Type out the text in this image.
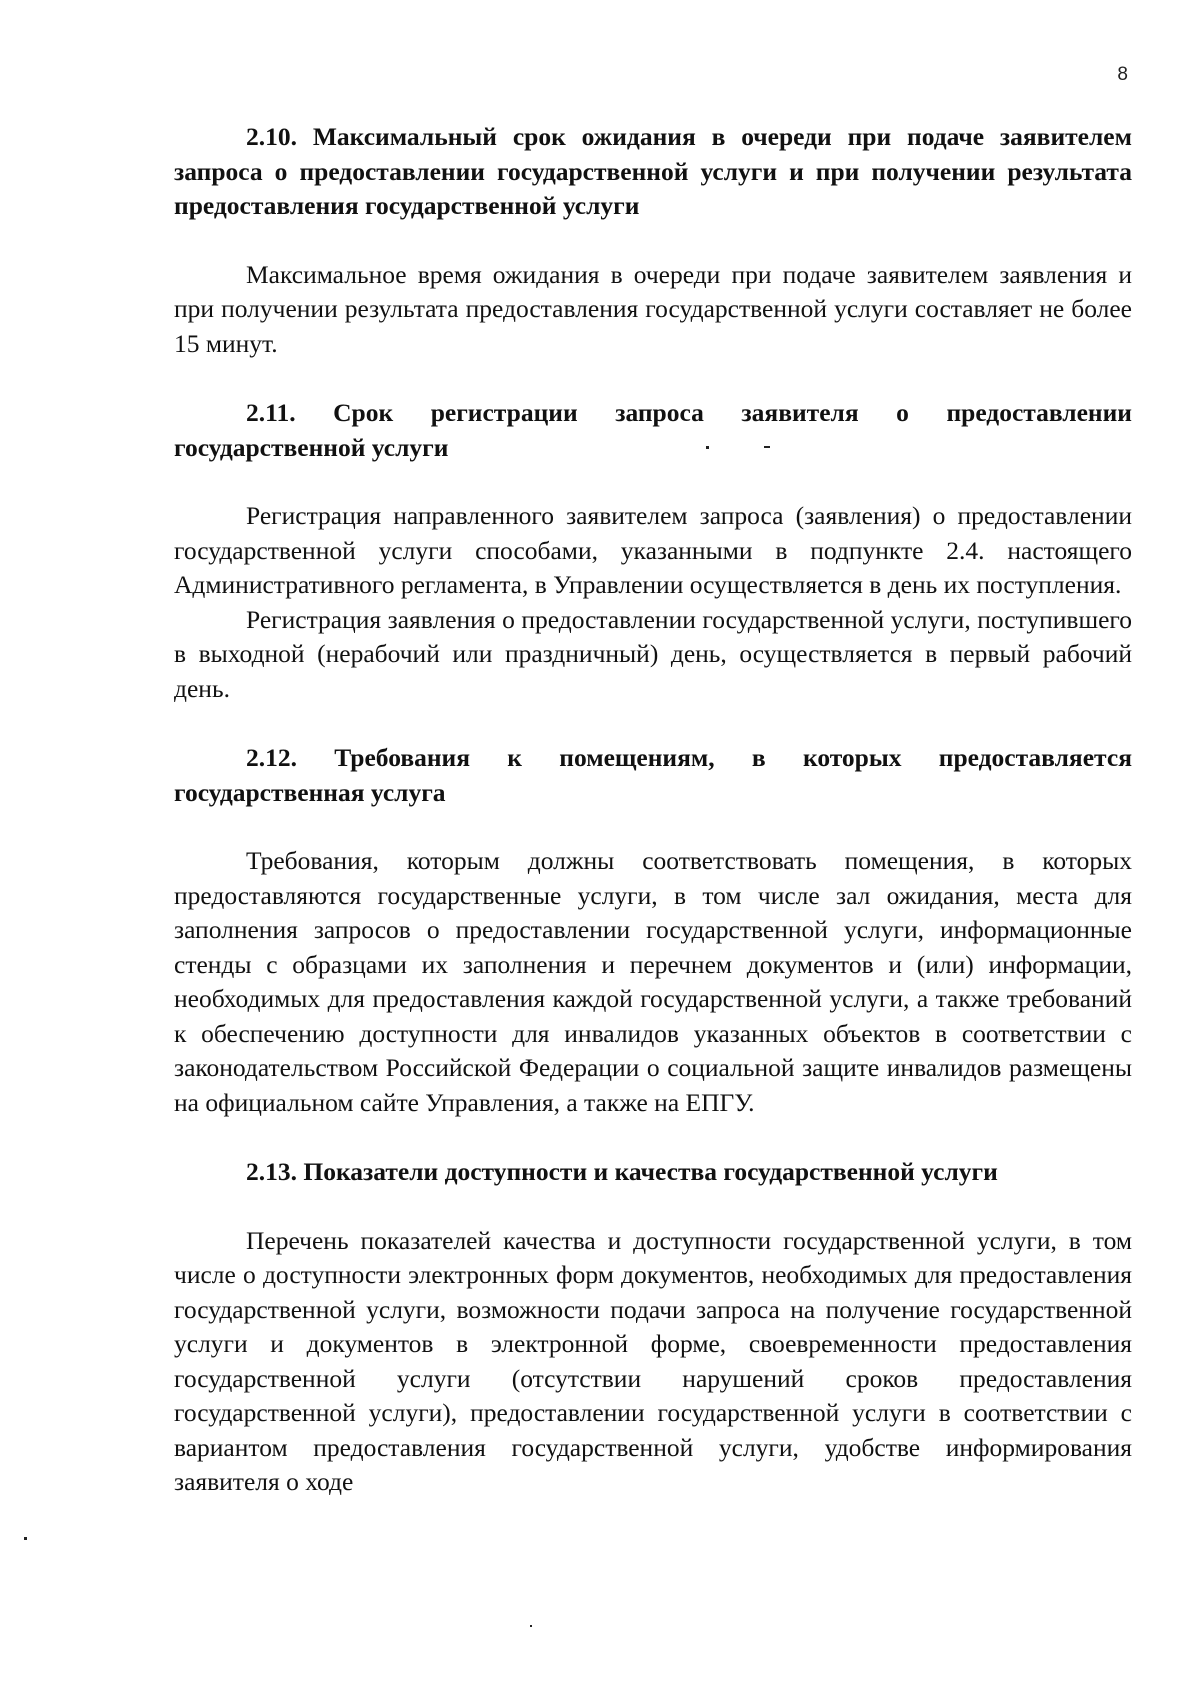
8

2.10. Максимальный срок ожидания в очереди при подаче заявителем запроса о предоставлении государственной услуги и при получении результата предоставления государственной услуги

Максимальное время ожидания в очереди при подаче заявителем заявления и при получении результата предоставления государственной услуги составляет не более 15 минут.

2.11. Срок регистрации запроса заявителя о предоставлении государственной услуги

Регистрация направленного заявителем запроса (заявления) о предоставлении государственной услуги способами, указанными в подпункте 2.4. настоящего Административного регламента, в Управлении осуществляется в день их поступления.

Регистрация заявления о предоставлении государственной услуги, поступившего в выходной (нерабочий или праздничный) день, осуществляется в первый рабочий день.

2.12. Требования к помещениям, в которых предоставляется государственная услуга

Требования, которым должны соответствовать помещения, в которых предоставляются государственные услуги, в том числе зал ожидания, места для заполнения запросов о предоставлении государственной услуги, информационные стенды с образцами их заполнения и перечнем документов и (или) информации, необходимых для предоставления каждой государственной услуги, а также требований к обеспечению доступности для инвалидов указанных объектов в соответствии с законодательством Российской Федерации о социальной защите инвалидов размещены на официальном сайте Управления, а также на ЕПГУ.

2.13. Показатели доступности и качества государственной услуги

Перечень показателей качества и доступности государственной услуги, в том числе о доступности электронных форм документов, необходимых для предоставления государственной услуги, возможности подачи запроса на получение государственной услуги и документов в электронной форме, своевременности предоставления государственной услуги (отсутствии нарушений сроков предоставления государственной услуги), предоставлении государственной услуги в соответствии с вариантом предоставления государственной услуги, удобстве информирования заявителя о ходе
